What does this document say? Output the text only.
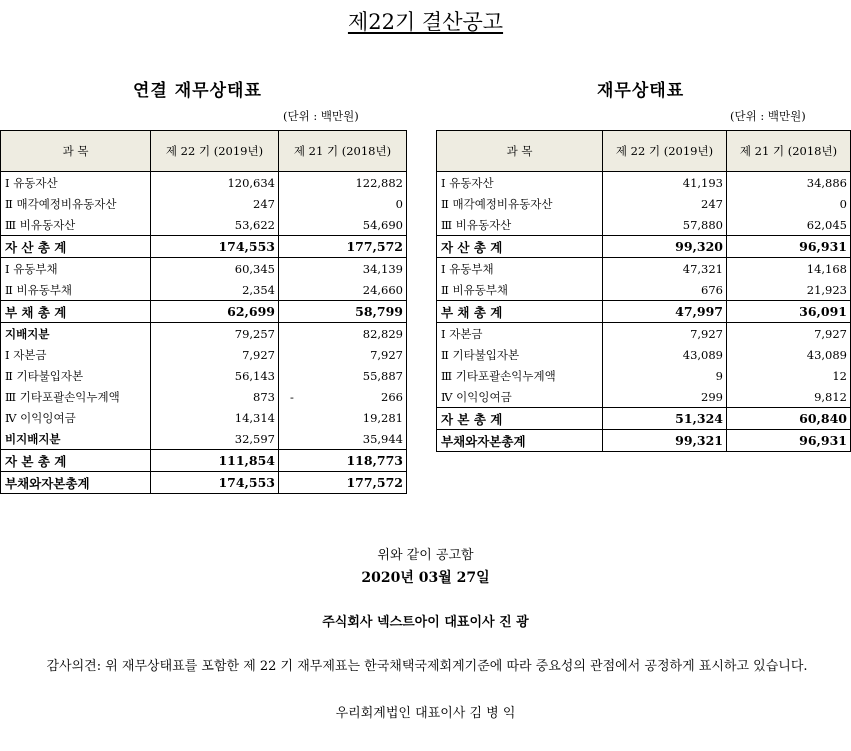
제22기 결산공고
연결 재무상태표
(단위 : 백만원)
과 목	제 22 기 (2019년)	제 21 기 (2018년)
Ⅰ 유동자산	120,634	122,882
Ⅱ 매각예정비유동자산	247	0
Ⅲ 비유동자산	53,622	54,690
자 산 총 계	174,553	177,572
Ⅰ 유동부채	60,345	34,139
Ⅱ 비유동부채	2,354	24,660
부 채 총 계	62,699	58,799
지배지분	79,257	82,829
Ⅰ 자본금	7,927	7,927
Ⅱ 기타불입자본	56,143	55,887
Ⅲ 기타포괄손익누계액	873	- 266

Ⅳ 이익잉여금	14,314	19,281
비지배지분	32,597	35,944
자 본 총 계	111,854	118,773
부채와자본총계	174,553	177,572
재무상태표
(단위 : 백만원)
과 목	제 22 기 (2019년)	제 21 기 (2018년)
Ⅰ 유동자산	41,193	34,886
Ⅱ 매각예정비유동자산	247	0
Ⅲ 비유동자산	57,880	62,045
자 산 총 계	99,320	96,931
Ⅰ 유동부채	47,321	14,168
Ⅱ 비유동부채	676	21,923
부 채 총 계	47,997	36,091
Ⅰ 자본금	7,927	7,927
Ⅱ 기타불입자본	43,089	43,089
Ⅲ 기타포괄손익누계액	9	12
Ⅳ 이익잉여금	299	9,812
자 본 총 계	51,324	60,840
부채와자본총계	99,321	96,931
위와 같이 공고함
2020년 03월 27일
주식회사 넥스트아이 대표이사 진 광
감사의견: 위 재무상태표를 포함한 제 22 기 재무제표는 한국채택국제회계기준에 따라 중요성의 관점에서 공정하게 표시하고 있습니다.
우리회계법인 대표이사 김 병 익
